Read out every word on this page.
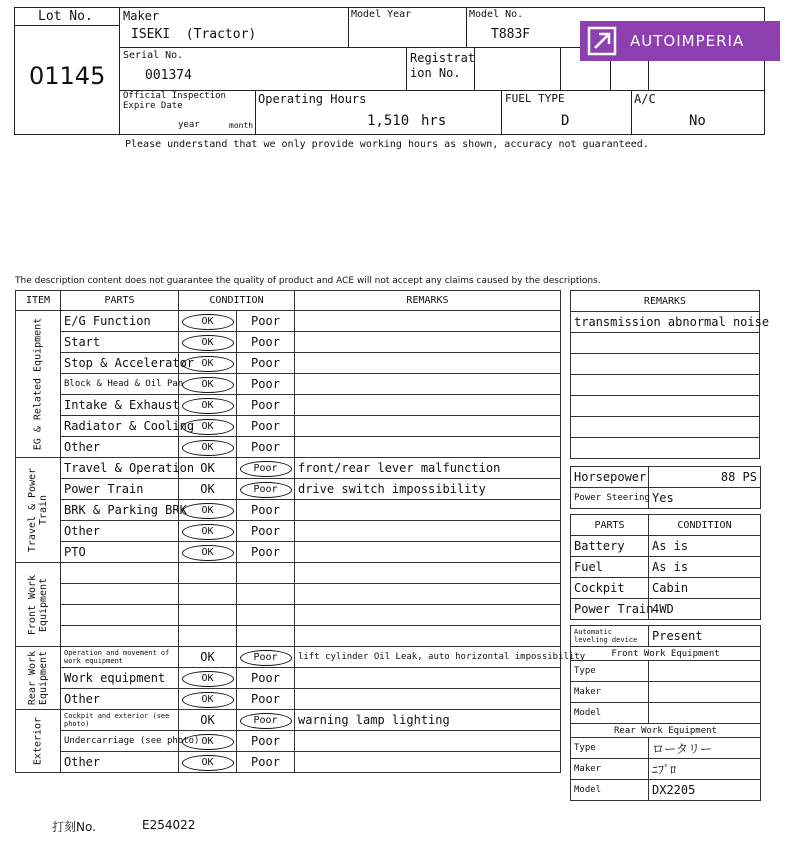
Lot No.
01145
Maker
ISEKI  (Tractor)
Model Year	Model No.
T883F
Serial No.
001374
Registrat
ion No.
Official Inspection
Expire Date
year	month
Operating Hours
1,510 hrs
FUEL TYPE
D
A/C
No
Please understand that we only provide working hours as shown, accuracy not guaranteed.
AUTOIMPERIA
The description content does not guarantee the quality of product and ACE will not accept any claims caused by the descriptions.
ITEM	PARTS	CONDITION		REMARKS

EG & Related Equipment	E/G Function	OK	Poor	
	Start	OK	Poor	
	Stop & Accelerator	OK	Poor	
	Block & Head & Oil Pan	OK	Poor	
	Intake & Exhaust	OK	Poor	
	Radiator & Cooling	OK	Poor	
	Other	OK	Poor	

Travel & Power
Train	Travel & Operation	OK	Poor	front/rear lever malfunction
	Power Train	OK	Poor	drive switch impossibility
	BRK & Parking BRK	OK	Poor	
	Other	OK	Poor	
	PTO	OK	Poor	

Front Work
Equipment				

Rear Work
Equipment	Operation and movement of work equipment	OK	Poor	lift cylinder Oil Leak, auto horizontal impossibility
	Work equipment	OK	Poor	
	Other	OK	Poor	

Exterior	Cockpit and exterior (see photo)	OK	Poor	warning lamp lighting
	Undercarriage (see photo)	OK	Poor	
	Other	OK	Poor	
REMARKS
transmission abnormal noise

Horsepower	88 PS
Power Steering	Yes
PARTS	CONDITION
Battery	As is
Fuel	As is
Cockpit	Cabin
Power Train	4WD
Automatic leveling device	Present
Front Work Equipment	
Type	
Maker	
Model	
Rear Work Equipment	
Type	ロータリー
Maker	ﾆﾌﾟﾛ
Model	DX2205
打刻No.	E254022
